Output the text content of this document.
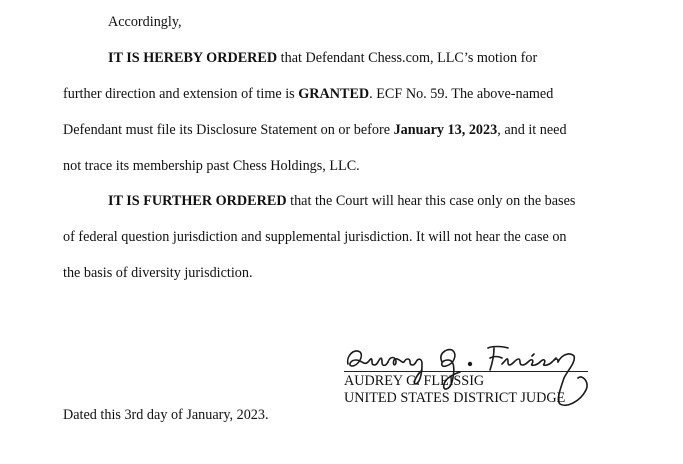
Accordingly,
IT IS HEREBY ORDERED that Defendant Chess.com, LLC’s motion for
further direction and extension of time is GRANTED. ECF No. 59. The above-named
Defendant must file its Disclosure Statement on or before January 13, 2023, and it need
not trace its membership past Chess Holdings, LLC.
IT IS FURTHER ORDERED that the Court will hear this case only on the bases
of federal question jurisdiction and supplemental jurisdiction. It will not hear the case on
the basis of diversity jurisdiction.
AUDREY G. FLEISSIG
UNITED STATES DISTRICT JUDGE
Dated this 3rd day of January, 2023.
